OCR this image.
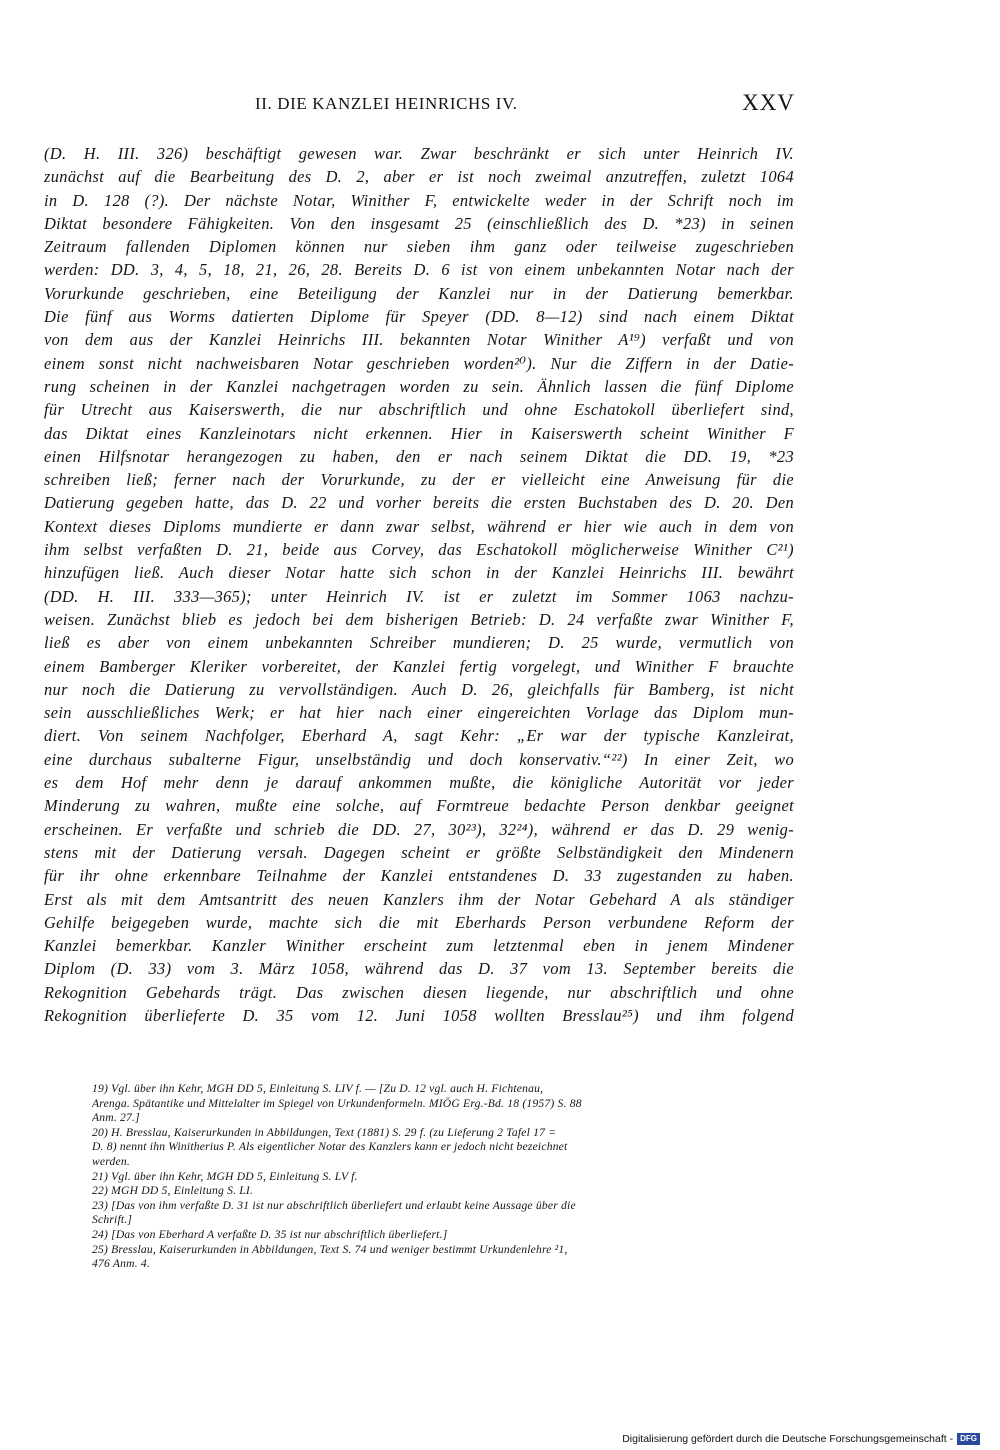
II. DIE KANZLEI HEINRICHS IV.	XXV
(D. H. III. 326) beschäftigt gewesen war. Zwar beschränkt er sich unter Heinrich IV.
zunächst auf die Bearbeitung des D. 2, aber er ist noch zweimal anzutreffen, zuletzt 1064
in D. 128 (?). Der nächste Notar, Winither F, entwickelte weder in der Schrift noch im
Diktat besondere Fähigkeiten. Von den insgesamt 25 (einschließlich des D. *23) in seinen
Zeitraum fallenden Diplomen können nur sieben ihm ganz oder teilweise zugeschrieben
werden: DD. 3, 4, 5, 18, 21, 26, 28. Bereits D. 6 ist von einem unbekannten Notar nach der
Vorurkunde geschrieben, eine Beteiligung der Kanzlei nur in der Datierung bemerkbar.
Die fünf aus Worms datierten Diplome für Speyer (DD. 8—12) sind nach einem Diktat
von dem aus der Kanzlei Heinrichs III. bekannten Notar Winither A¹⁹) verfaßt und von
einem sonst nicht nachweisbaren Notar geschrieben worden²⁰). Nur die Ziffern in der Datie-
rung scheinen in der Kanzlei nachgetragen worden zu sein. Ähnlich lassen die fünf Diplome
für Utrecht aus Kaiserswerth, die nur abschriftlich und ohne Eschatokoll überliefert sind,
das Diktat eines Kanzleinotars nicht erkennen. Hier in Kaiserswerth scheint Winither F
einen Hilfsnotar herangezogen zu haben, den er nach seinem Diktat die DD. 19, *23
schreiben ließ; ferner nach der Vorurkunde, zu der er vielleicht eine Anweisung für die
Datierung gegeben hatte, das D. 22 und vorher bereits die ersten Buchstaben des D. 20. Den
Kontext dieses Diploms mundierte er dann zwar selbst, während er hier wie auch in dem von
ihm selbst verfaßten D. 21, beide aus Corvey, das Eschatokoll möglicherweise Winither C²¹)
hinzufügen ließ. Auch dieser Notar hatte sich schon in der Kanzlei Heinrichs III. bewährt
(DD. H. III. 333—365); unter Heinrich IV. ist er zuletzt im Sommer 1063 nachzu-
weisen. Zunächst blieb es jedoch bei dem bisherigen Betrieb: D. 24 verfaßte zwar Winither F,
ließ es aber von einem unbekannten Schreiber mundieren; D. 25 wurde, vermutlich von
einem Bamberger Kleriker vorbereitet, der Kanzlei fertig vorgelegt, und Winither F brauchte
nur noch die Datierung zu vervollständigen. Auch D. 26, gleichfalls für Bamberg, ist nicht
sein ausschließliches Werk; er hat hier nach einer eingereichten Vorlage das Diplom mun-
diert. Von seinem Nachfolger, Eberhard A, sagt Kehr: „Er war der typische Kanzleirat,
eine durchaus subalterne Figur, unselbständig und doch konservativ.“²²) In einer Zeit, wo
es dem Hof mehr denn je darauf ankommen mußte, die königliche Autorität vor jeder
Minderung zu wahren, mußte eine solche, auf Formtreue bedachte Person denkbar geeignet
erscheinen. Er verfaßte und schrieb die DD. 27, 30²³), 32²⁴), während er das D. 29 wenig-
stens mit der Datierung versah. Dagegen scheint er größte Selbständigkeit den Mindenern
für ihr ohne erkennbare Teilnahme der Kanzlei entstandenes D. 33 zugestanden zu haben.
Erst als mit dem Amtsantritt des neuen Kanzlers ihm der Notar Gebehard A als ständiger
Gehilfe beigegeben wurde, machte sich die mit Eberhards Person verbundene Reform der
Kanzlei bemerkbar. Kanzler Winither erscheint zum letztenmal eben in jenem Mindener
Diplom (D. 33) vom 3. März 1058, während das D. 37 vom 13. September bereits die
Rekognition Gebehards trägt. Das zwischen diesen liegende, nur abschriftlich und ohne
Rekognition überlieferte D. 35 vom 12. Juni 1058 wollten Bresslau²⁵) und ihm folgend
19) Vgl. über ihn Kehr, MGH DD 5, Einleitung S. LIV f. — [Zu D. 12 vgl. auch H. Fichtenau,
Arenga. Spätantike und Mittelalter im Spiegel von Urkundenformeln. MIÖG Erg.-Bd. 18 (1957) S. 88
Anm. 27.]
20) H. Bresslau, Kaiserurkunden in Abbildungen, Text (1881) S. 29 f. (zu Lieferung 2 Tafel 17 =
D. 8) nennt ihn Winitherius P. Als eigentlicher Notar des Kanzlers kann er jedoch nicht bezeichnet
werden.
21) Vgl. über ihn Kehr, MGH DD 5, Einleitung S. LV f.
22) MGH DD 5, Einleitung S. LI.
23) [Das von ihm verfaßte D. 31 ist nur abschriftlich überliefert und erlaubt keine Aussage über die
Schrift.]
24) [Das von Eberhard A verfaßte D. 35 ist nur abschriftlich überliefert.]
25) Bresslau, Kaiserurkunden in Abbildungen, Text S. 74 und weniger bestimmt Urkundenlehre ²1,
476 Anm. 4.
Digitalisierung gefördert durch die Deutsche Forschungsgemeinschaft - DFG
